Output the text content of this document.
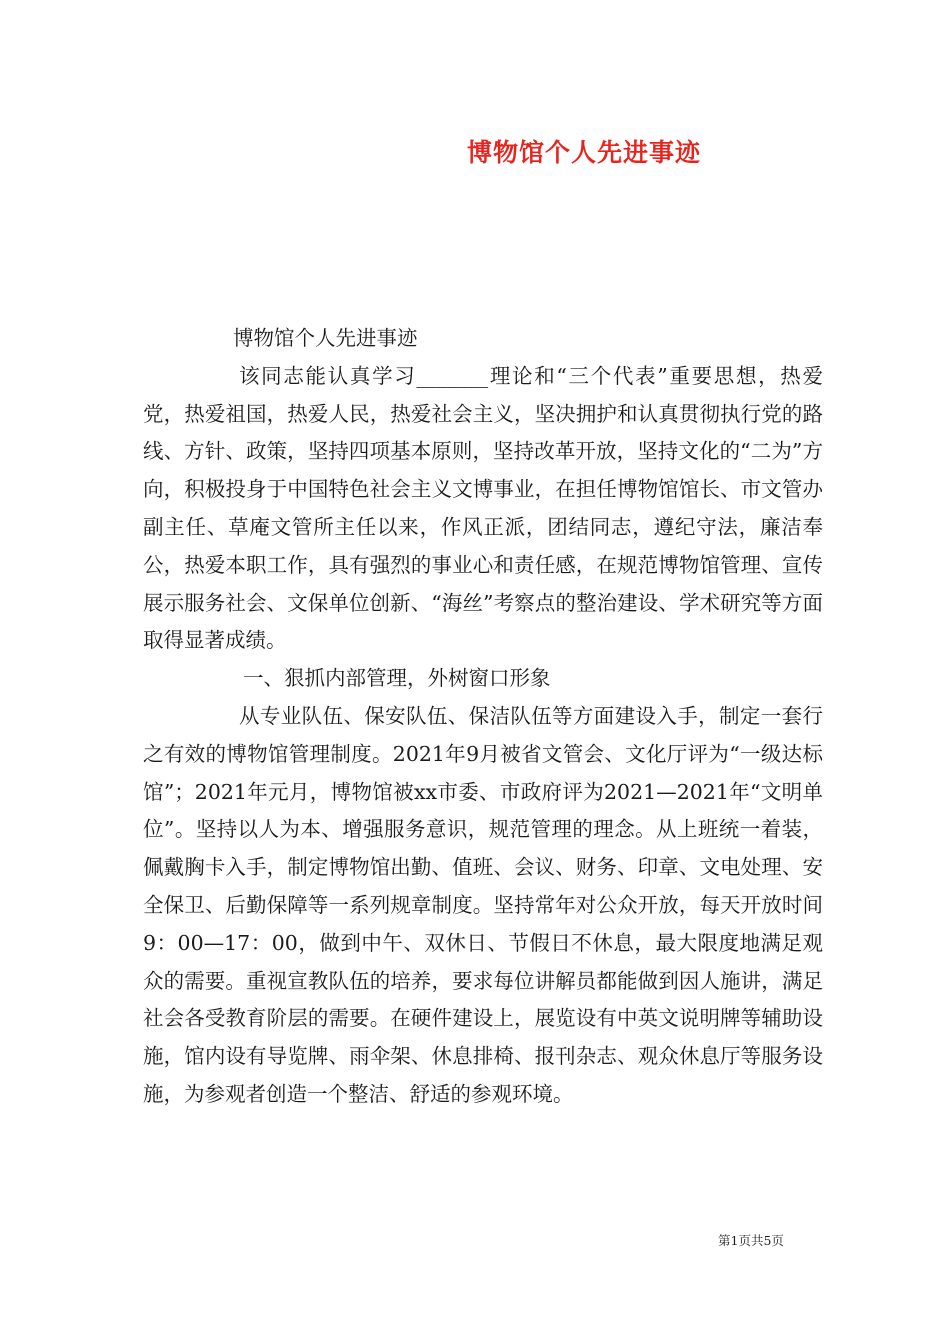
博物馆个人先进事迹

博物馆个人先进事迹

该同志能认真学习_______理论和“三个代表”重要思想，热爱党，热爱祖国，热爱人民，热爱社会主义，坚决拥护和认真贯彻执行党的路线、方针、政策，坚持四项基本原则，坚持改革开放，坚持文化的“二为”方向，积极投身于中国特色社会主义文博事业，在担任博物馆馆长、市文管办副主任、草庵文管所主任以来，作风正派，团结同志，遵纪守法，廉洁奉公，热爱本职工作，具有强烈的事业心和责任感，在规范博物馆管理、宣传展示服务社会、文保单位创新、“海丝”考察点的整治建设、学术研究等方面取得显著成绩。

一、狠抓内部管理，外树窗口形象

从专业队伍、保安队伍、保洁队伍等方面建设入手，制定一套行之有效的博物馆管理制度。2021年9月被省文管会、文化厅评为“一级达标馆”；2021年元月，博物馆被xx市委、市政府评为2021—2021年“文明单位”。坚持以人为本、增强服务意识，规范管理的理念。从上班统一着装，佩戴胸卡入手，制定博物馆出勤、值班、会议、财务、印章、文电处理、安全保卫、后勤保障等一系列规章制度。坚持常年对公众开放，每天开放时间9：00—17：00，做到中午、双休日、节假日不休息，最大限度地满足观众的需要。重视宣教队伍的培养，要求每位讲解员都能做到因人施讲，满足社会各受教育阶层的需要。在硬件建设上，展览设有中英文说明牌等辅助设施，馆内设有导览牌、雨伞架、休息排椅、报刊杂志、观众休息厅等服务设施，为参观者创造一个整洁、舒适的参观环境。

第1页共5页
